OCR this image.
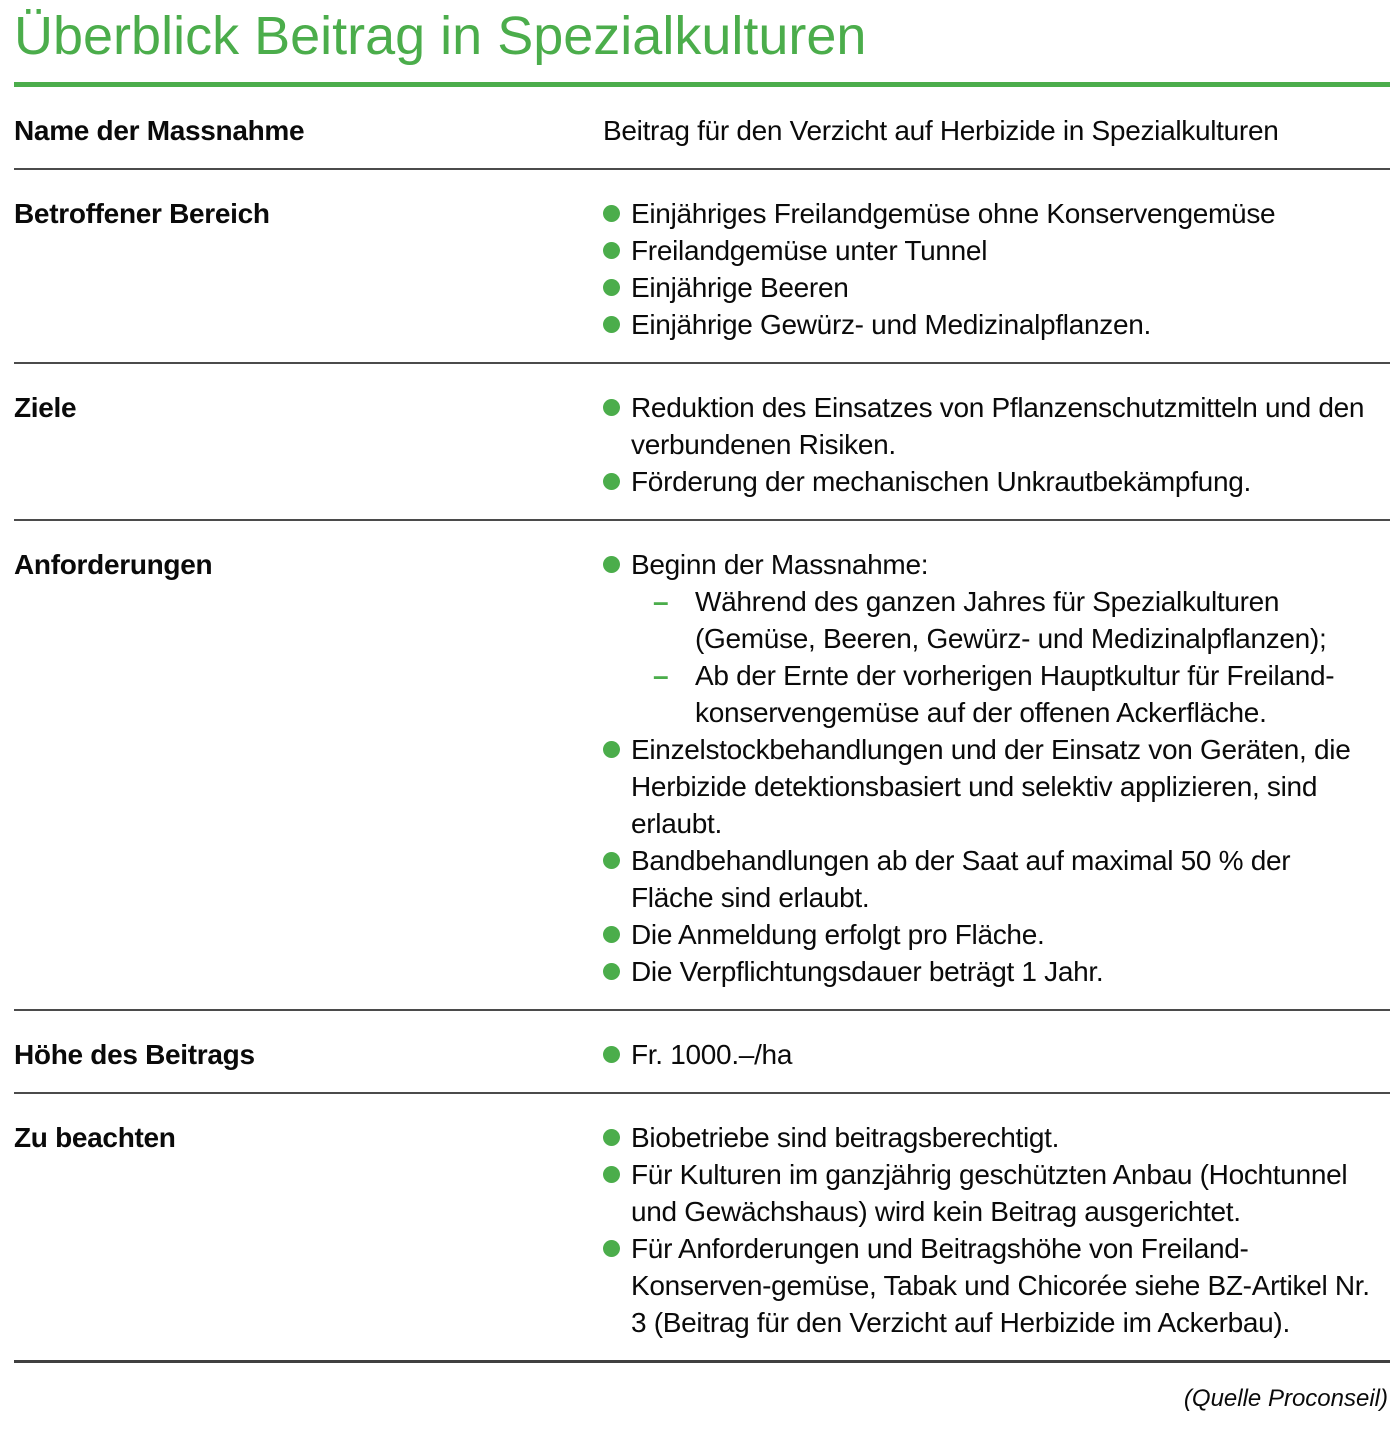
Überblick Beitrag in Spezialkulturen
Name der Massnahme	Beitrag für den Verzicht auf Herbizide in Spezialkulturen
Betroffener Bereich	Einjähriges Freilandgemüse ohne Konservengemüse
Freilandgemüse unter Tunnel
Einjährige Beeren
Einjährige Gewürz- und Medizinalpflanzen.
Ziele	Reduktion des Einsatzes von Pflanzenschutzmitteln und den verbundenen Risiken.
Förderung der mechanischen Unkrautbekämpfung.
Anforderungen	Beginn der Massnahme:
– Während des ganzen Jahres für Spezialkulturen (Gemüse, Beeren, Gewürz- und Medizinalpflanzen);
– Ab der Ernte der vorherigen Hauptkultur für Freiland-konservengemüse auf der offenen Ackerfläche.
Einzelstockbehandlungen und der Einsatz von Geräten, die Herbizide detektionsbasiert und selektiv applizieren, sind erlaubt.
Bandbehandlungen ab der Saat auf maximal 50 % der Fläche sind erlaubt.
Die Anmeldung erfolgt pro Fläche.
Die Verpflichtungsdauer beträgt 1 Jahr.
Höhe des Beitrags	Fr. 1000.–/ha
Zu beachten	Biobetriebe sind beitragsberechtigt.
Für Kulturen im ganzjährig geschützten Anbau (Hochtunnel und Gewächshaus) wird kein Beitrag ausgerichtet.
Für Anforderungen und Beitragshöhe von Freiland-Konserven-gemüse, Tabak und Chicorée siehe BZ-Artikel Nr. 3 (Beitrag für den Verzicht auf Herbizide im Ackerbau).
(Quelle Proconseil)
